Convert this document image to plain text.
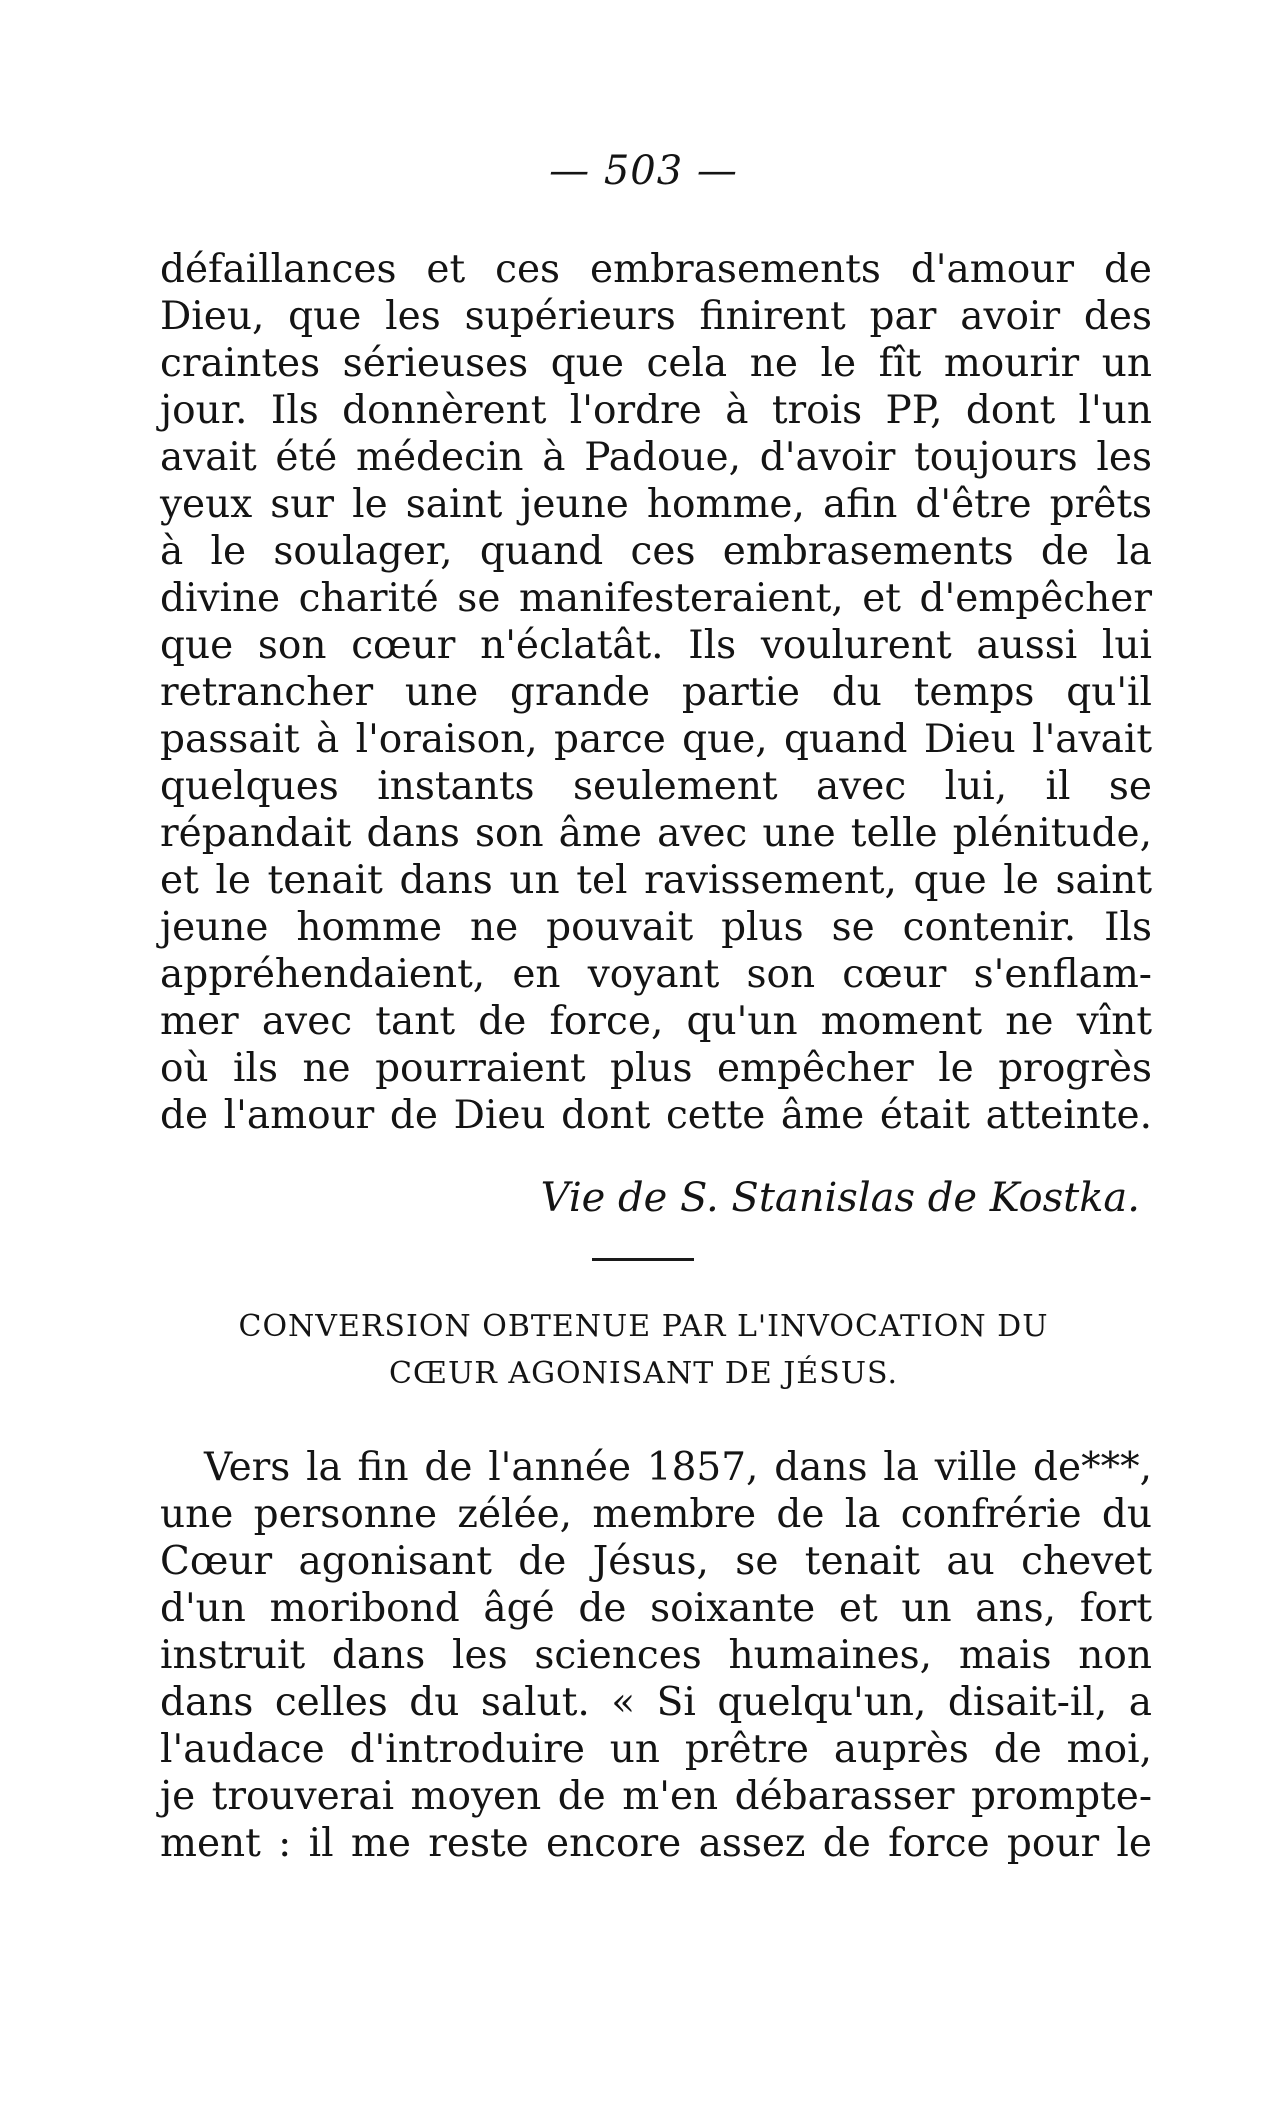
— 503 —
défaillances et ces embrasements d'amour de
Dieu, que les supérieurs finirent par avoir des
craintes sérieuses que cela ne le fît mourir un
jour. Ils donnèrent l'ordre à trois PP, dont l'un
avait été médecin à Padoue, d'avoir toujours les
yeux sur le saint jeune homme, afin d'être prêts
à le soulager, quand ces embrasements de la
divine charité se manifesteraient, et d'empêcher
que son cœur n'éclatât. Ils voulurent aussi lui
retrancher une grande partie du temps qu'il
passait à l'oraison, parce que, quand Dieu l'avait
quelques instants seulement avec lui, il se
répandait dans son âme avec une telle plénitude,
et le tenait dans un tel ravissement, que le saint
jeune homme ne pouvait plus se contenir. Ils
appréhendaient, en voyant son cœur s'enflam-
mer avec tant de force, qu'un moment ne vînt
où ils ne pourraient plus empêcher le progrès
de l'amour de Dieu dont cette âme était atteinte.
Vie de S. Stanislas de Kostka.
CONVERSION OBTENUE PAR L'INVOCATION DU
CŒUR AGONISANT DE JÉSUS.
Vers la fin de l'année 1857, dans la ville de***,
une personne zélée, membre de la confrérie du
Cœur agonisant de Jésus, se tenait au chevet
d'un moribond âgé de soixante et un ans, fort
instruit dans les sciences humaines, mais non
dans celles du salut. « Si quelqu'un, disait-il, a
l'audace d'introduire un prêtre auprès de moi,
je trouverai moyen de m'en débarasser prompte-
ment : il me reste encore assez de force pour le
